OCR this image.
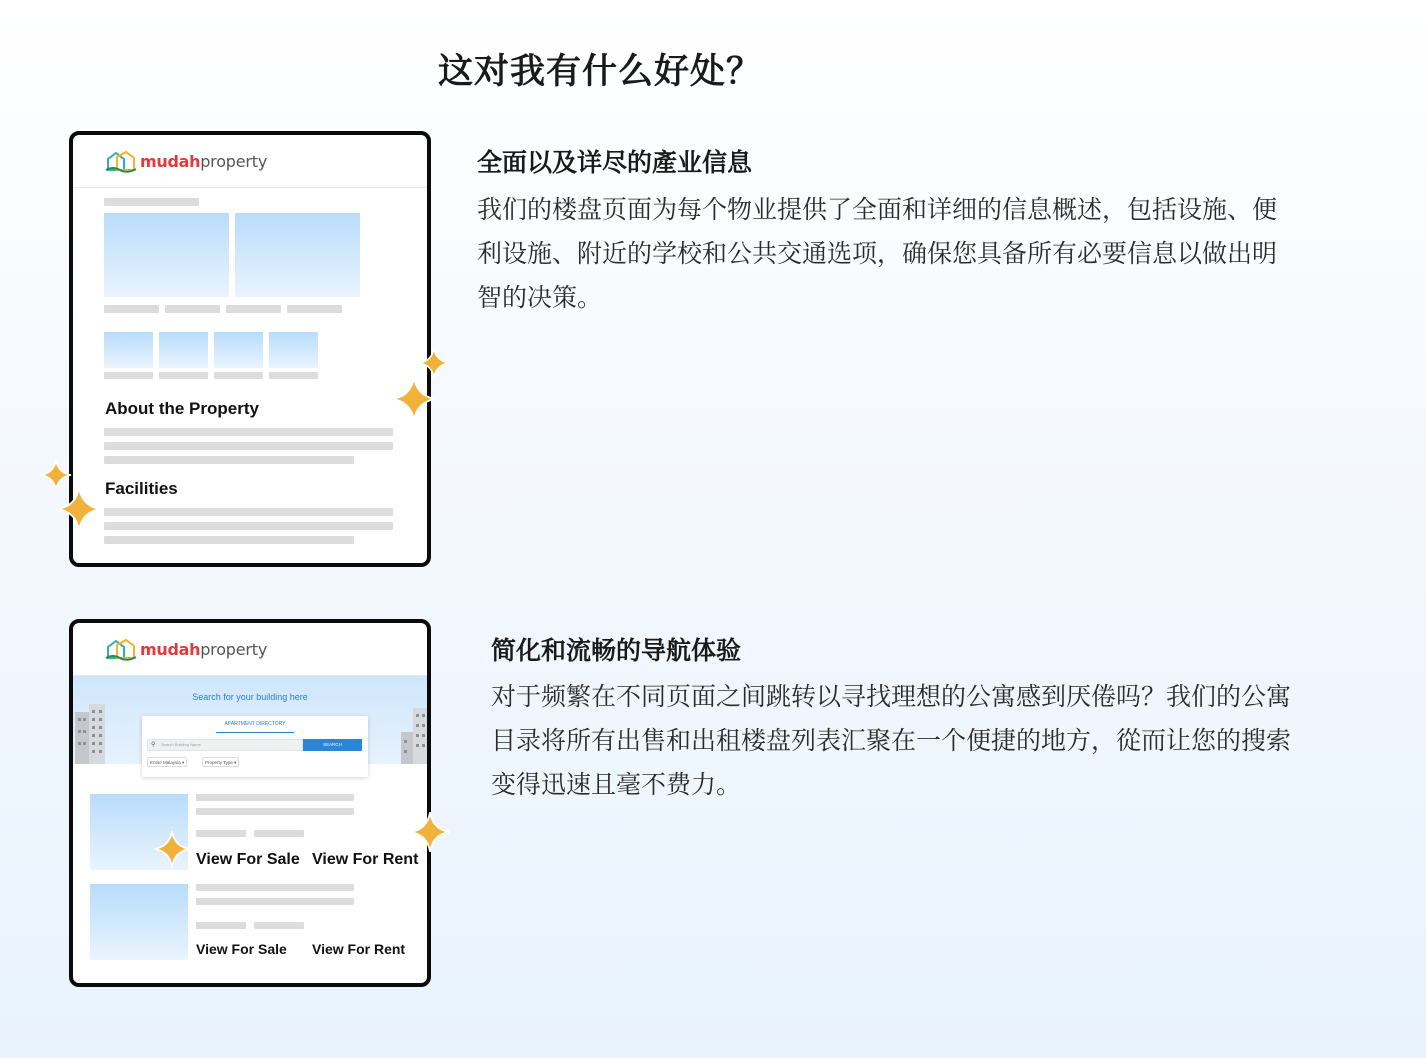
这对我有什么好处？
mudah property
About the Property
Facilities
全面以及详尽的產业信息

我们的楼盘页面为每个物业提供了全面和详细的信息概述，包括设施、便利设施、附近的学校和公共交通选项，确保您具备所有必要信息以做出明智的决策。

mudah property
Search for your building here
APARTMENT DIRECTORY
⚲ Search Building Name	SEARCH
Entire Malaysia ▾	Property Type ▾
View For Sale View For Rent
View For Sale View For Rent
简化和流畅的导航体验

对于频繁在不同页面之间跳转以寻找理想的公寓感到厌倦吗？我们的公寓目录将所有出售和出租楼盘列表汇聚在一个便捷的地方，從而让您的搜索变得迅速且毫不费力。
